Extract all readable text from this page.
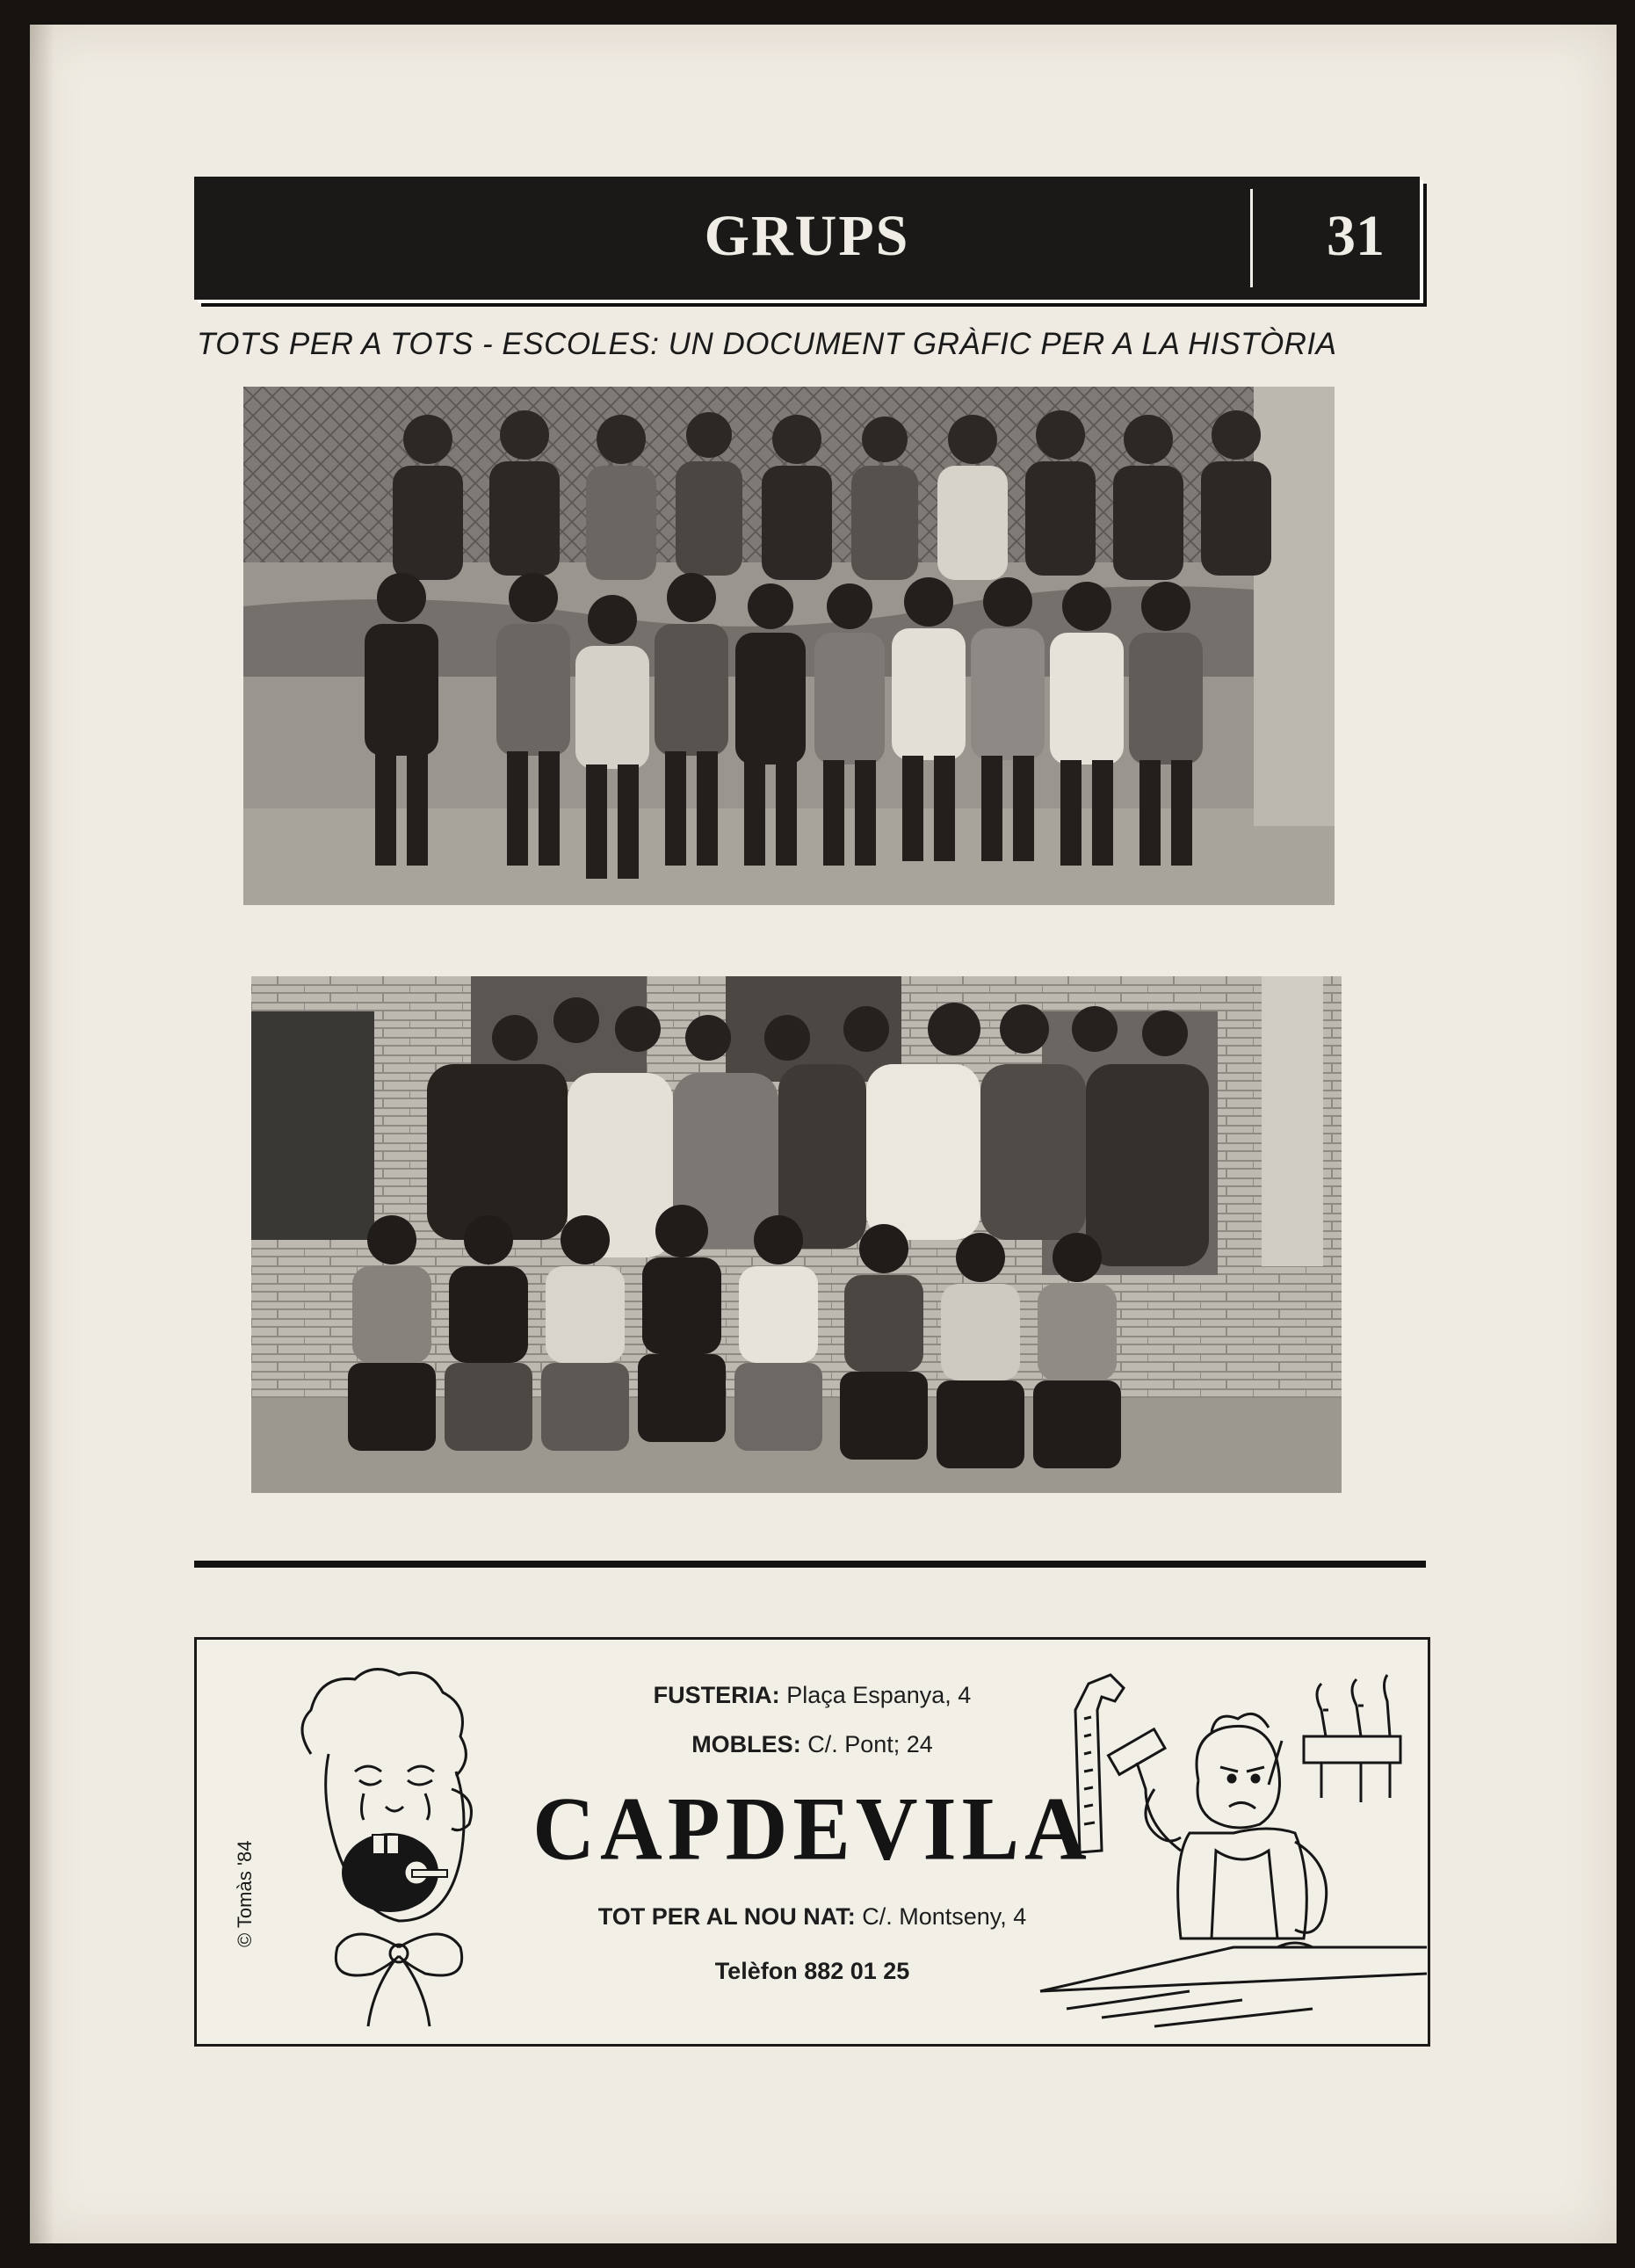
GRUPS	31
TOTS PER A TOTS - ESCOLES: UN DOCUMENT GRÀFIC PER A LA HISTÒRIA
© Tomàs '84
FUSTERIA: Plaça Espanya, 4
MOBLES: C/. Pont; 24
CAPDEVILA
TOT PER AL NOU NAT: C/. Montseny, 4
Telèfon 882 01 25
